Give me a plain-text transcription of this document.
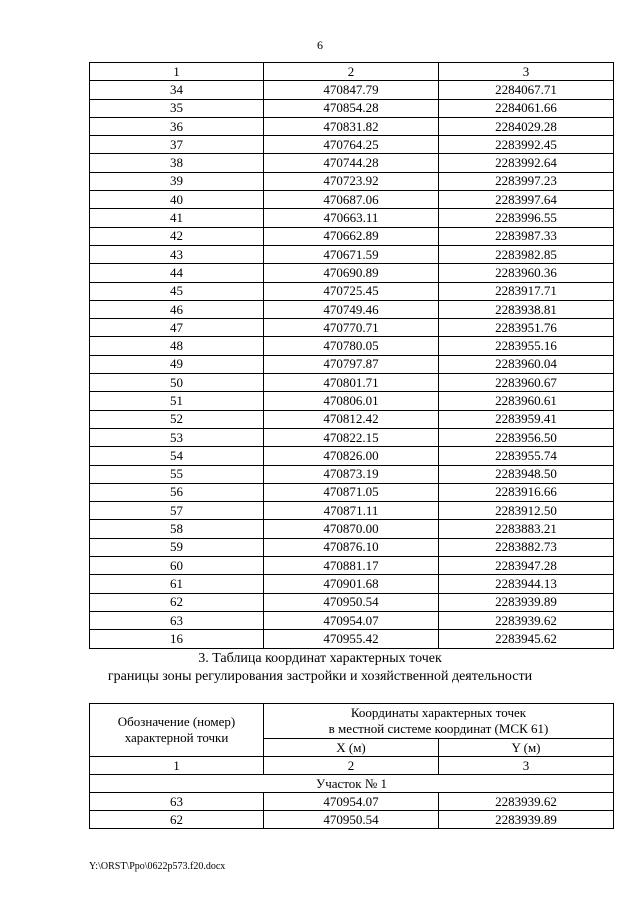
6
1	2	3
34	470847.79	2284067.71
35	470854.28	2284061.66
36	470831.82	2284029.28
37	470764.25	2283992.45
38	470744.28	2283992.64
39	470723.92	2283997.23
40	470687.06	2283997.64
41	470663.11	2283996.55
42	470662.89	2283987.33
43	470671.59	2283982.85
44	470690.89	2283960.36
45	470725.45	2283917.71
46	470749.46	2283938.81
47	470770.71	2283951.76
48	470780.05	2283955.16
49	470797.87	2283960.04
50	470801.71	2283960.67
51	470806.01	2283960.61
52	470812.42	2283959.41
53	470822.15	2283956.50
54	470826.00	2283955.74
55	470873.19	2283948.50
56	470871.05	2283916.66
57	470871.11	2283912.50
58	470870.00	2283883.21
59	470876.10	2283882.73
60	470881.17	2283947.28
61	470901.68	2283944.13
62	470950.54	2283939.89
63	470954.07	2283939.62
16	470955.42	2283945.62
3. Таблица координат характерных точек
границы зоны регулирования застройки и хозяйственной деятельности
Обозначение (номер) характерной точки	Координаты характерных точек
в местной системе координат (МСК 61)	
	X (м)	Y (м)
1	2	3
Участок № 1		
63	470954.07	2283939.62
62	470950.54	2283939.89
Y:\ORST\Ppo\0622p573.f20.docx
